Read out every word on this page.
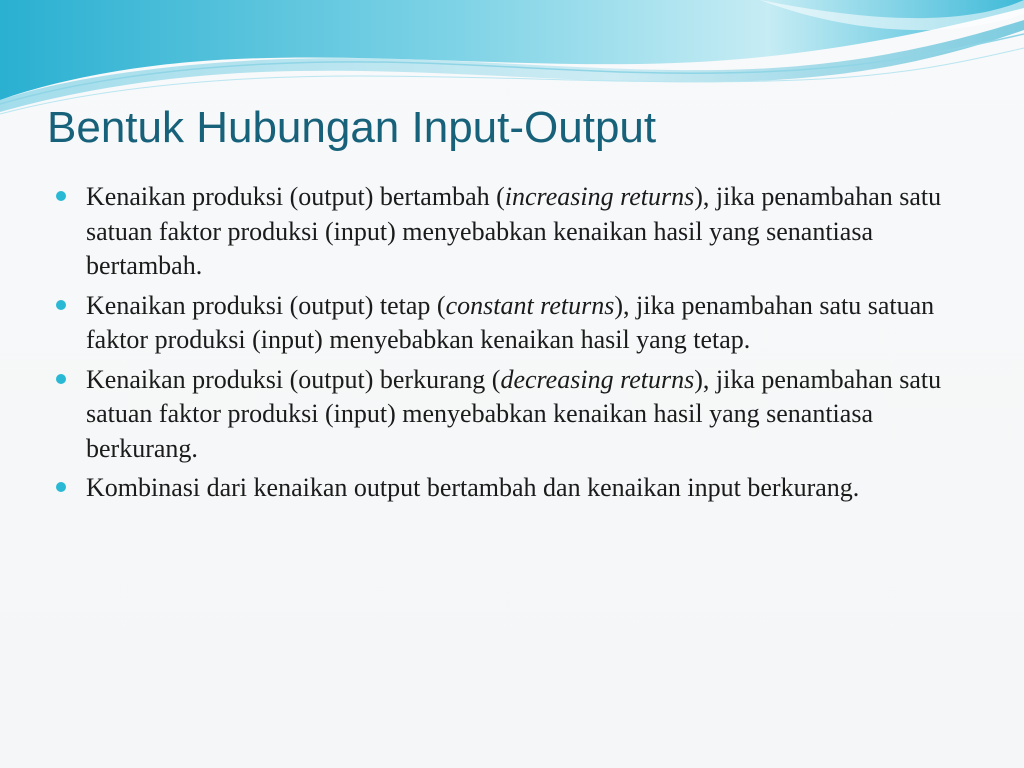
Bentuk Hubungan Input-Output
Kenaikan produksi (output) bertambah (increasing returns), jika penambahan satu satuan faktor produksi (input) menyebabkan kenaikan hasil yang senantiasa bertambah.
Kenaikan produksi (output) tetap (constant returns), jika penambahan satu satuan faktor produksi (input) menyebabkan kenaikan hasil yang tetap.
Kenaikan produksi (output) berkurang (decreasing returns), jika penambahan satu satuan faktor produksi (input) menyebabkan kenaikan hasil yang senantiasa berkurang.
Kombinasi dari kenaikan output bertambah dan kenaikan input berkurang.
